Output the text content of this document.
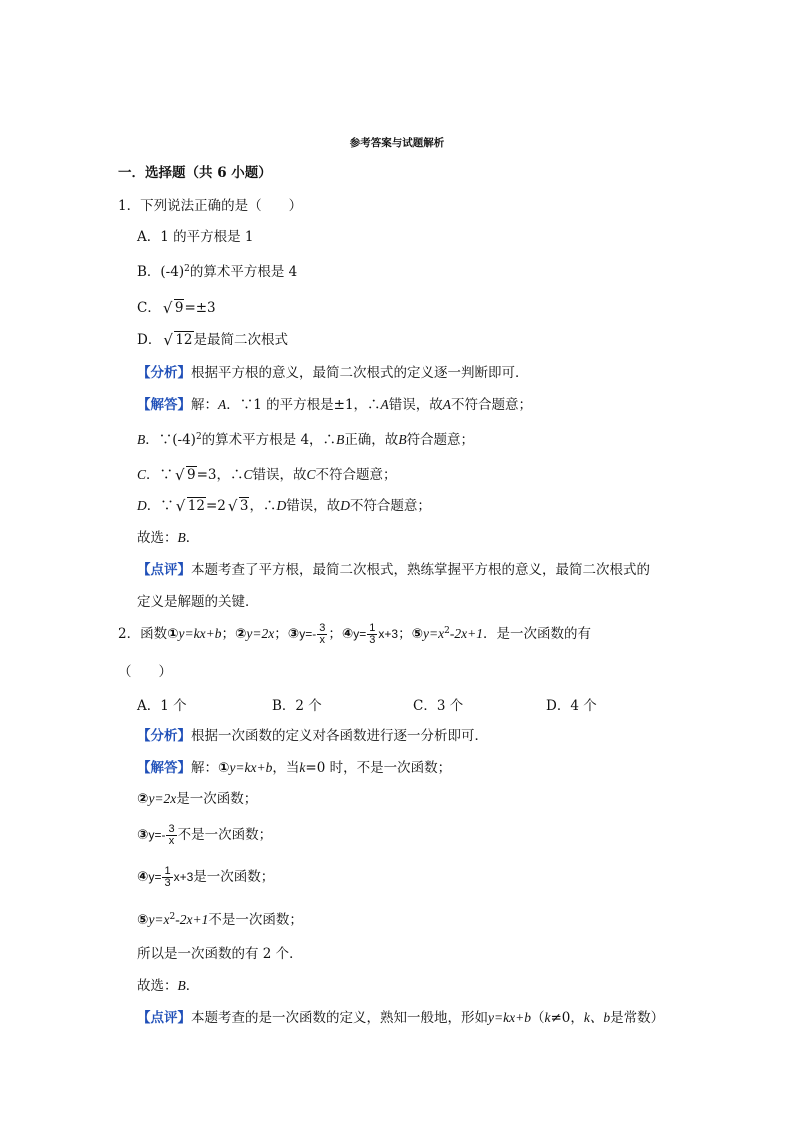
参考答案与试题解析
一．选择题（共 6 小题）
1．下列说法正确的是（　　）
A．1 的平方根是 1
B．$(-4)^2$的算术平方根是 4
C． √ 9=±3
D． √ 12是最简二次根式
【分析】根据平方根的意义，最简二次根式的定义逐一判断即可．
【解答】解：A．∵1 的平方根是±1，∴A错误，故A不符合题意；
B．$\because(-4)^2$的算术平方根是 4，∴B正确，故B符合题意；
C．∵ √ 9=3，∴C错误，故C不符合题意；
D．∵ √ 12=2 √ 3，∴D错误，故D不符合题意；
故选：B．
【点评】本题考查了平方根，最简二次根式，熟练掌握平方根的意义，最简二次根式的
定义是解题的关键．
2．函数①y=kx+b；②y=2x；③y=- $\frac{3}{x}$ ；④y= $\frac{1}{3} x+3$；$⑤y=x^2-2x+1$．是一次函数的有
（　　）
A．1 个	B．2 个	C．3 个	D．4 个
【分析】根据一次函数的定义对各函数进行逐一分析即可．
【解答】解：①y=kx+b，当k=0 时，不是一次函数；
②y=2x是一次函数；
③y=- $\frac{3}{x}$ 不是一次函数；
④y= $\frac{1}{3} x+3$是一次函数；
$⑤y=x^2-2x+1$不是一次函数；
所以是一次函数的有 2 个．
故选：B．
【点评】本题考查的是一次函数的定义，熟知一般地，形如y=kx+b（k≠0，k、b是常数）
